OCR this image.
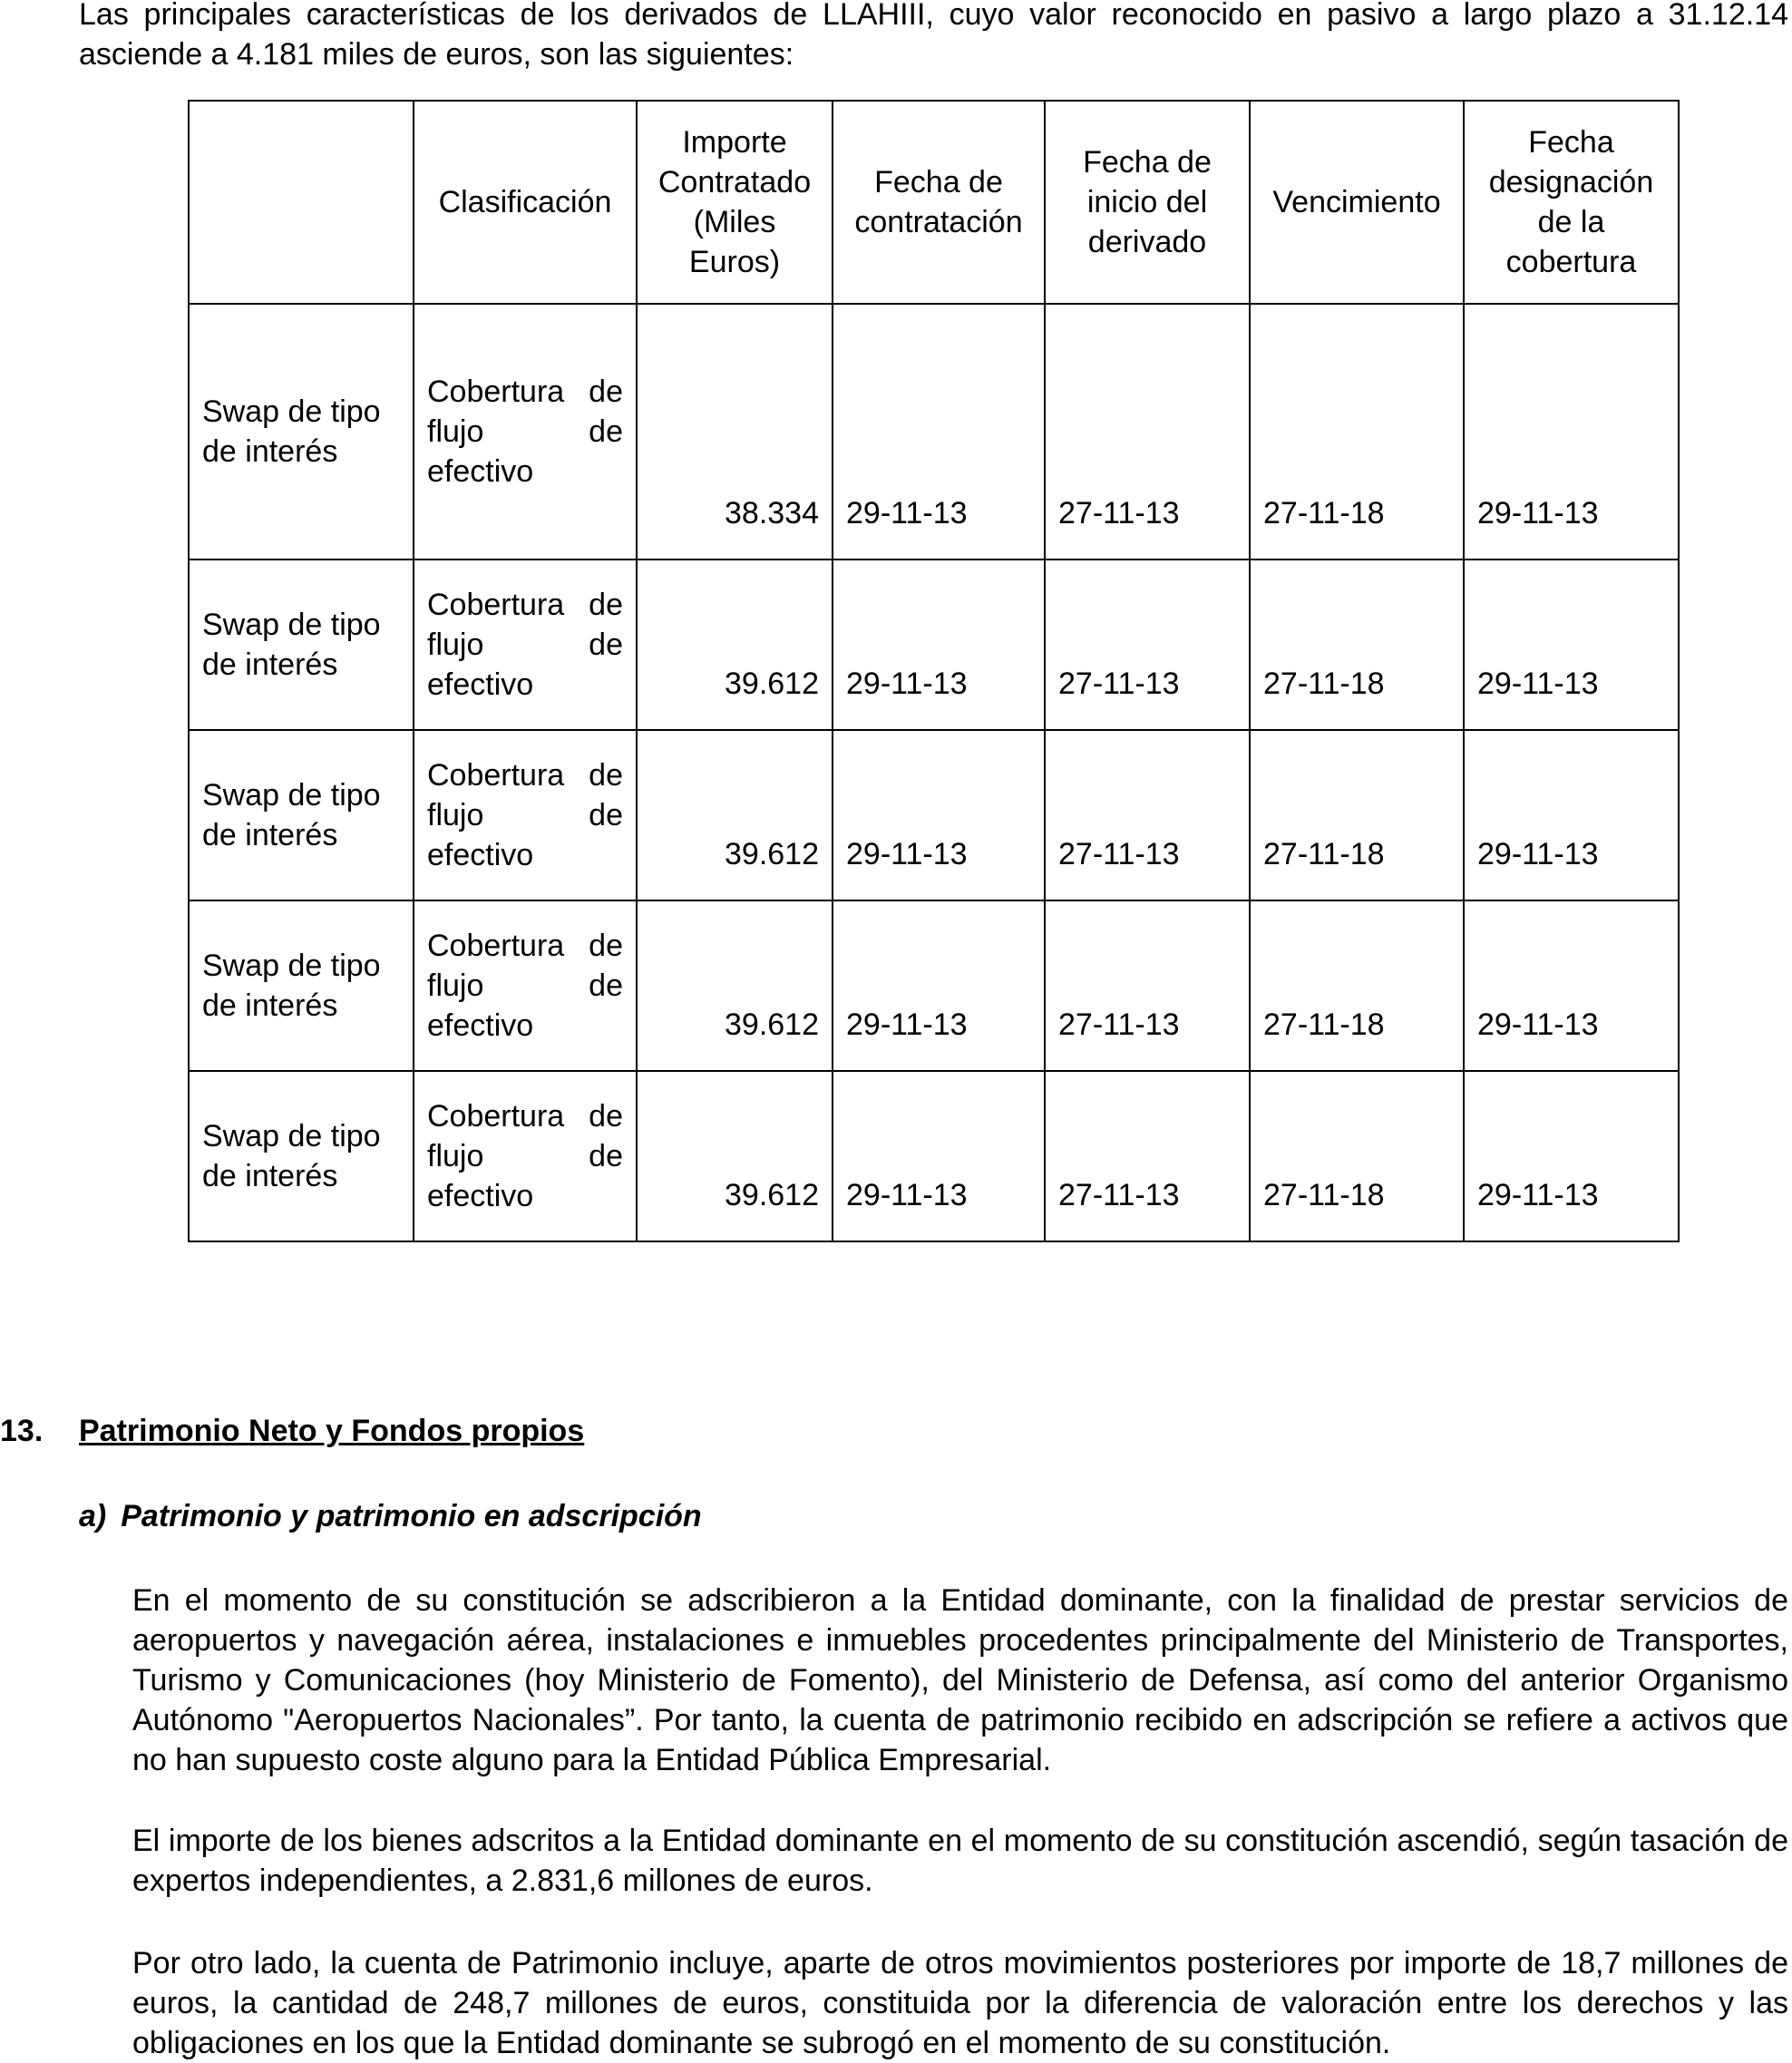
Las principales características de los derivados de LLAHIII, cuyo valor reconocido en pasivo a largo plazo a 31.12.14 asciende a 4.181 miles de euros, son las siguientes:
	Clasificación	Importe Contratado (Miles Euros)	Fecha de contratación	Fecha de inicio del derivado	Vencimiento	Fecha designación de la cobertura
Swap de tipo de interés	Cobertura de flujo de efectivo	38.334	29-11-13	27-11-13	27-11-18	29-11-13
Swap de tipo de interés	Cobertura de flujo de efectivo	39.612	29-11-13	27-11-13	27-11-18	29-11-13
Swap de tipo de interés	Cobertura de flujo de efectivo	39.612	29-11-13	27-11-13	27-11-18	29-11-13
Swap de tipo de interés	Cobertura de flujo de efectivo	39.612	29-11-13	27-11-13	27-11-18	29-11-13
Swap de tipo de interés	Cobertura de flujo de efectivo	39.612	29-11-13	27-11-13	27-11-18	29-11-13
13. Patrimonio Neto y Fondos propios
a) Patrimonio y patrimonio en adscripción
En el momento de su constitución se adscribieron a la Entidad dominante, con la finalidad de prestar servicios de aeropuertos y navegación aérea, instalaciones e inmuebles procedentes principalmente del Ministerio de Transportes, Turismo y Comunicaciones (hoy Ministerio de Fomento), del Ministerio de Defensa, así como del anterior Organismo Autónomo "Aeropuertos Nacionales”. Por tanto, la cuenta de patrimonio recibido en adscripción se refiere a activos que no han supuesto coste alguno para la Entidad Pública Empresarial.
El importe de los bienes adscritos a la Entidad dominante en el momento de su constitución ascendió, según tasación de expertos independientes, a 2.831,6 millones de euros.
Por otro lado, la cuenta de Patrimonio incluye, aparte de otros movimientos posteriores por importe de 18,7 millones de euros, la cantidad de 248,7 millones de euros, constituida por la diferencia de valoración entre los derechos y las obligaciones en los que la Entidad dominante se subrogó en el momento de su constitución.
